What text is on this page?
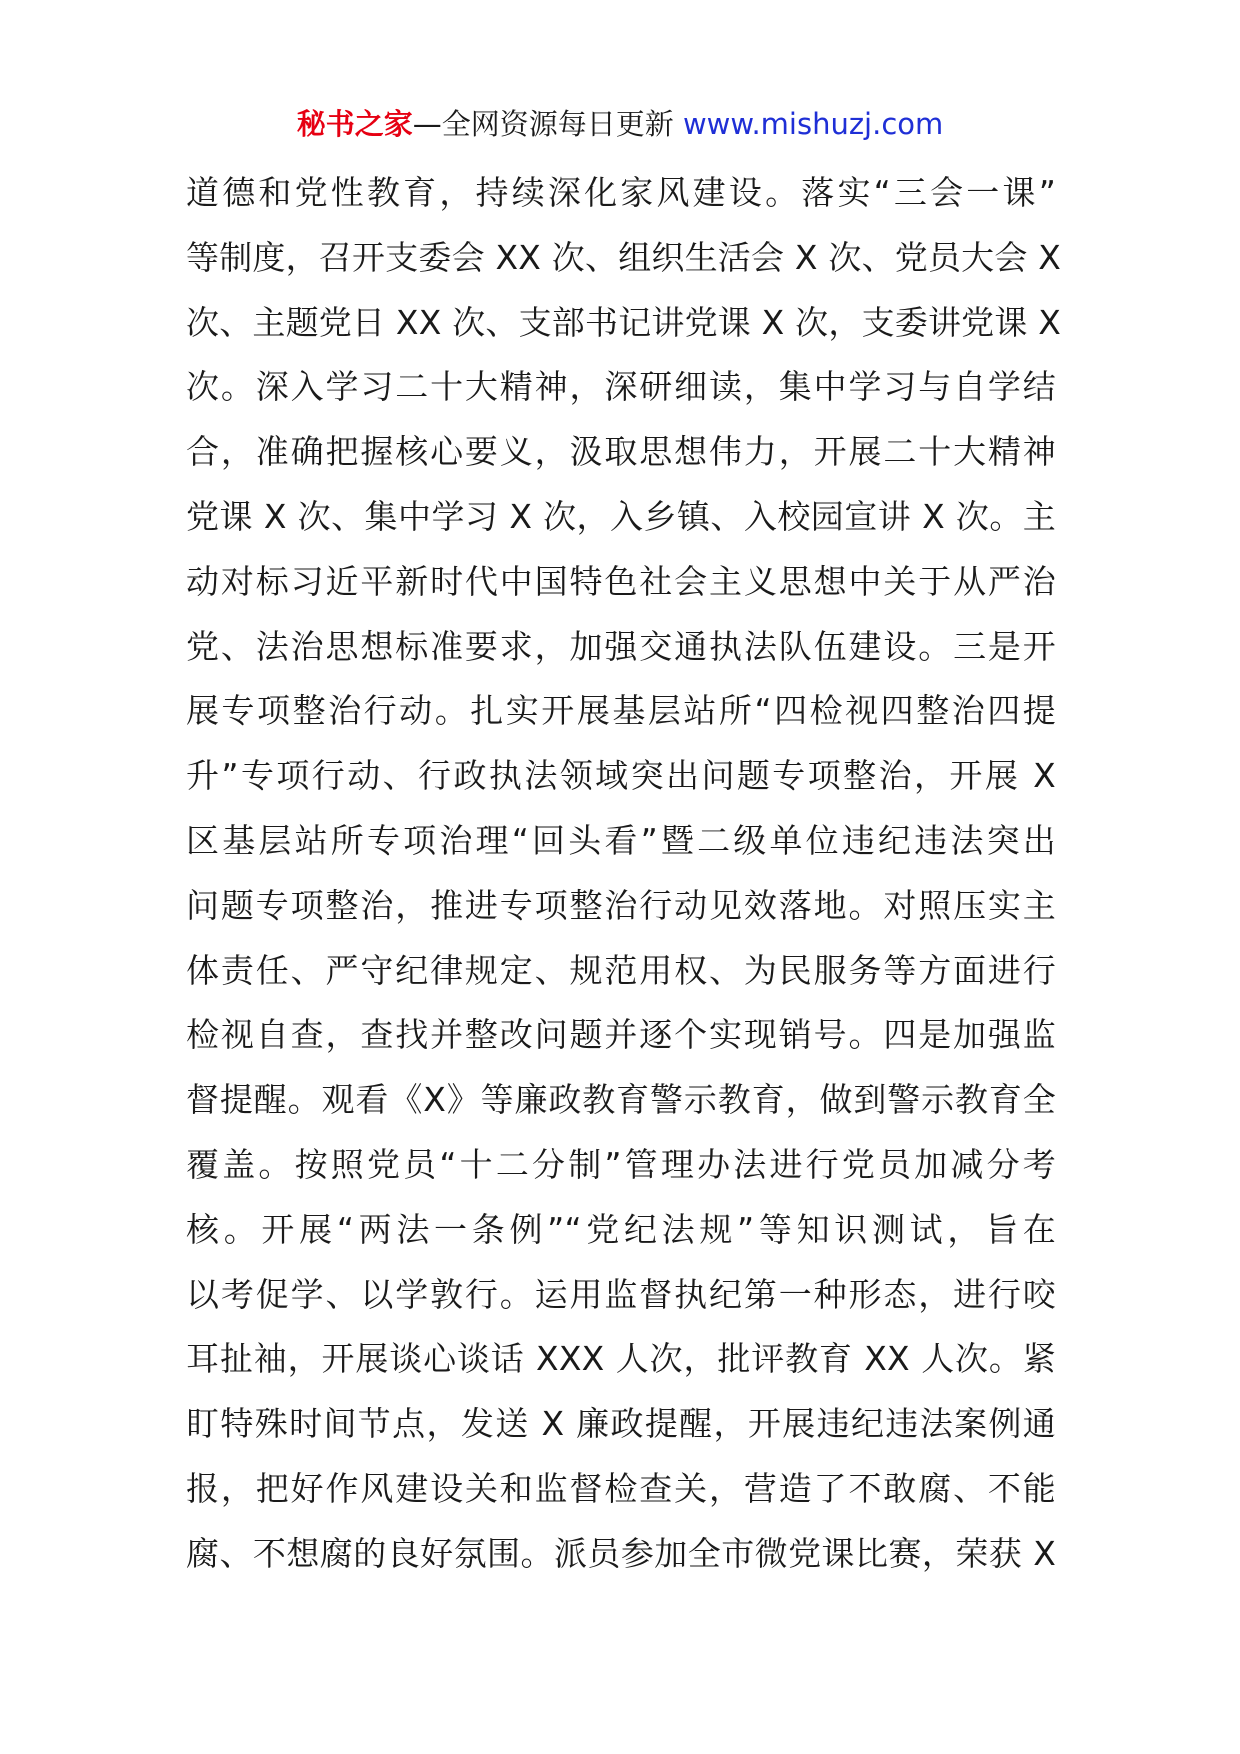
秘书之家—全网资源每日更新 www.mishuzj.com
道德和党性教育，持续深化家风建设。落实“三会一课”
等制度，召开支委会 XX 次、组织生活会 X 次、党员大会 X
次、主题党日 XX 次、支部书记讲党课 X 次，支委讲党课 X
次。深入学习二十大精神，深研细读，集中学习与自学结
合，准确把握核心要义，汲取思想伟力，开展二十大精神
党课 X 次、集中学习 X 次，入乡镇、入校园宣讲 X 次。主
动对标习近平新时代中国特色社会主义思想中关于从严治
党、法治思想标准要求，加强交通执法队伍建设。三是开
展专项整治行动。扎实开展基层站所“四检视四整治四提
升”专项行动、行政执法领域突出问题专项整治，开展 X
区基层站所专项治理“回头看”暨二级单位违纪违法突出
问题专项整治，推进专项整治行动见效落地。对照压实主
体责任、严守纪律规定、规范用权、为民服务等方面进行
检视自查，查找并整改问题并逐个实现销号。四是加强监
督提醒。观看《X》等廉政教育警示教育，做到警示教育全
覆盖。按照党员“十二分制”管理办法进行党员加减分考
核。开展“两法一条例”“党纪法规”等知识测试，旨在
以考促学、以学敦行。运用监督执纪第一种形态，进行咬
耳扯袖，开展谈心谈话 XXX 人次，批评教育 XX 人次。紧
盯特殊时间节点，发送 X 廉政提醒，开展违纪违法案例通
报，把好作风建设关和监督检查关，营造了不敢腐、不能
腐、不想腐的良好氛围。派员参加全市微党课比赛，荣获 X
